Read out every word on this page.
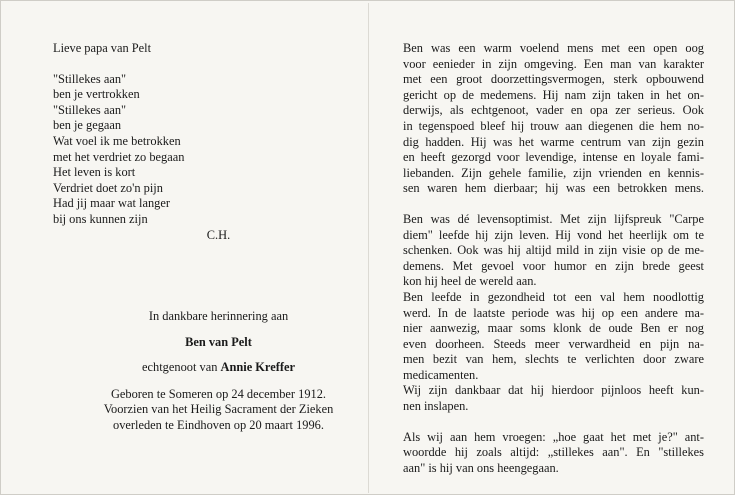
Lieve papa van Pelt
"Stillekes aan"
ben je vertrokken
"Stillekes aan"
ben je gegaan
Wat voel ik me betrokken
met het verdriet zo begaan
Het leven is kort
Verdriet doet zo'n pijn
Had jij maar wat langer
bij ons kunnen zijn
C.H.
In dankbare herinnering aan
Ben van Pelt
echtgenoot van Annie Kreffer
Geboren te Someren op 24 december 1912.
Voorzien van het Heilig Sacrament der Zieken
overleden te Eindhoven op 20 maart 1996.
Ben was een warm voelend mens met een open oog
voor eenieder in zijn omgeving. Een man van karakter
met een groot doorzettingsvermogen, sterk opbouwend
gericht op de medemens. Hij nam zijn taken in het on-
derwijs, als echtgenoot, vader en opa zer serieus. Ook
in tegenspoed bleef hij trouw aan diegenen die hem no-
dig hadden. Hij was het warme centrum van zijn gezin
en heeft gezorgd voor levendige, intense en loyale fami-
liebanden. Zijn gehele familie, zijn vrienden en kennis-
sen waren hem dierbaar; hij was een betrokken mens.
Ben was dé levensoptimist. Met zijn lijfspreuk "Carpe
diem" leefde hij zijn leven. Hij vond het heerlijk om te
schenken. Ook was hij altijd mild in zijn visie op de me-
demens. Met gevoel voor humor en zijn brede geest
kon hij heel de wereld aan.
Ben leefde in gezondheid tot een val hem noodlottig
werd. In de laatste periode was hij op een andere ma-
nier aanwezig, maar soms klonk de oude Ben er nog
even doorheen. Steeds meer verwardheid en pijn na-
men bezit van hem, slechts te verlichten door zware
medicamenten.
Wij zijn dankbaar dat hij hierdoor pijnloos heeft kun-
nen inslapen.
Als wij aan hem vroegen: „hoe gaat het met je?" ant-
woordde hij zoals altijd: „stillekes aan". En "stillekes
aan" is hij van ons heengegaan.
